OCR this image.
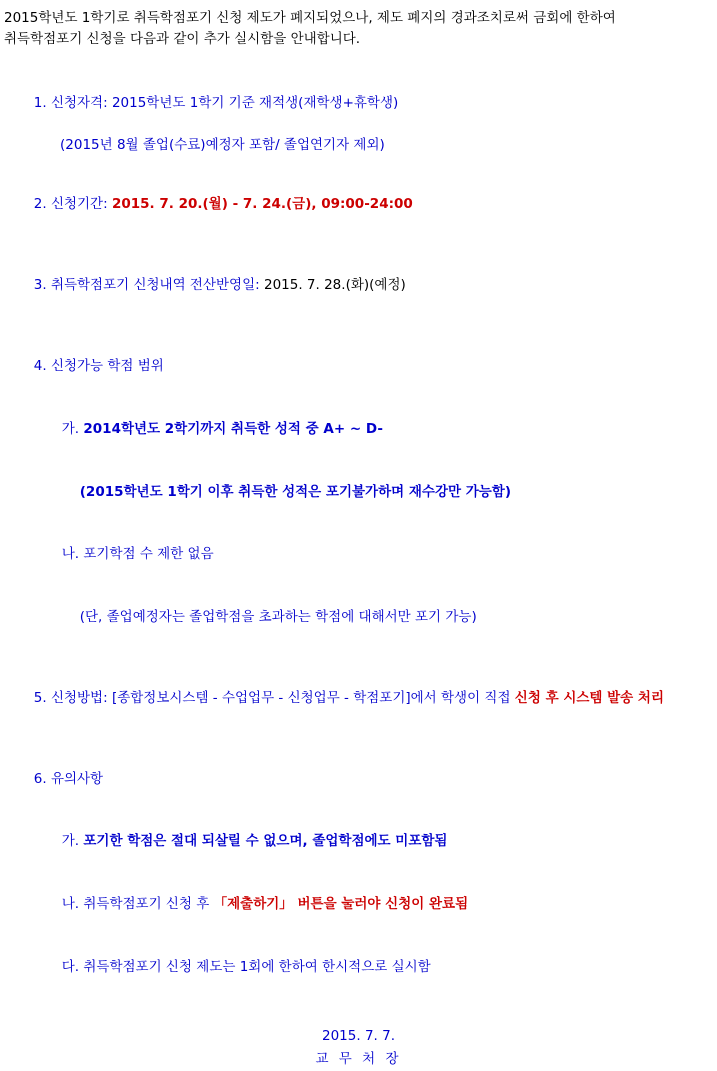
2015학년도 1학기로 취득학점포기 신청 제도가 폐지되었으나, 제도 폐지의 경과조치로써 금회에 한하여
취득학점포기 신청을 다음과 같이 추가 실시함을 안내합니다.

1. 신청자격: 2015학년도 1학기 기준 재적생(재학생+휴학생)

(2015년 8월 졸업(수료)예정자 포함/ 졸업연기자 제외)

2. 신청기간: 2015. 7. 20.(월) - 7. 24.(금), 09:00-24:00

3. 취득학점포기 신청내역 전산반영일: 2015. 7. 28.(화)(예정)

4. 신청가능 학점 범위

가. 2014학년도 2학기까지 취득한 성적 중 A+ ~ D-

(2015학년도 1학기 이후 취득한 성적은 포기불가하며 재수강만 가능함)

나. 포기학점 수 제한 없음

(단, 졸업예정자는 졸업학점을 초과하는 학점에 대해서만 포기 가능)

5. 신청방법: [종합정보시스템 - 수업업무 - 신청업무 - 학점포기]에서 학생이 직접 신청 후 시스템 발송 처리

6. 유의사항

가. 포기한 학점은 절대 되살릴 수 없으며, 졸업학점에도 미포함됨

나. 취득학점포기 신청 후 「제출하기」 버튼을 눌러야 신청이 완료됨

다. 취득학점포기 신청 제도는 1회에 한하여 한시적으로 실시함

2015. 7. 7.
교 무 처 장
